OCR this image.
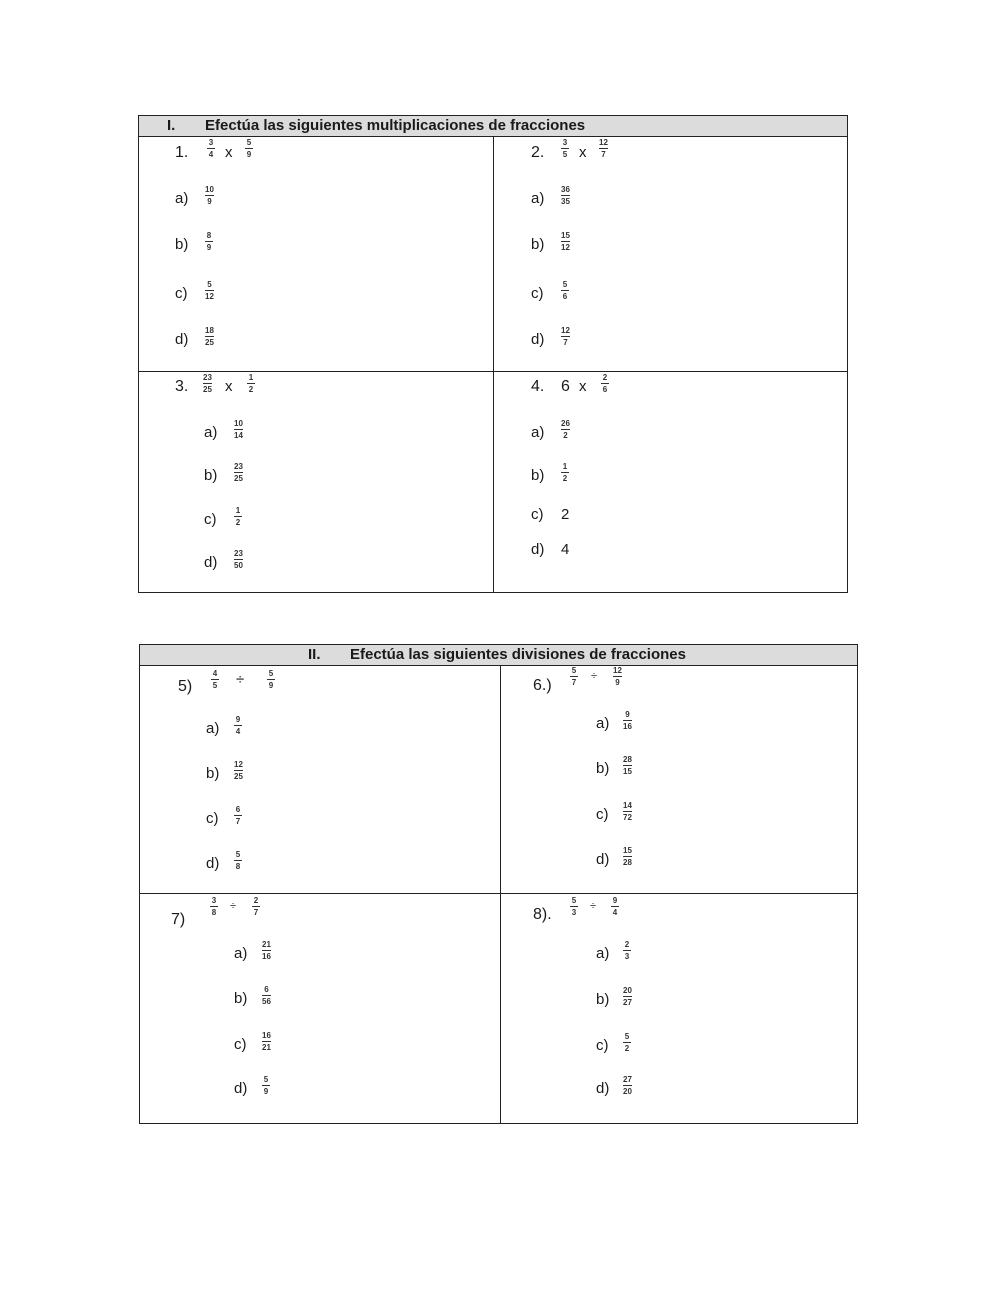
I. Efectúa las siguientes multiplicaciones de fracciones
1.
3
4 x
5
9
a)
10
9
b)
8
9
c)
5
12
d)
18
25
2.
3
5 x
12
7
a)
36
35
b)
15
12
c)
5
6
d)
12
7
3.
23
25 x
1
2
a)
10
14
b)
23
25
c)
1
2
d)
23
50
4. 6 x
2
6
a)
26
2
b)
1
2
c) 2
d) 4
II. Efectúa las siguientes divisiones de fracciones
5)
4
5 ÷	5
9
a)
9
4
b)
12
25
c)
6
7
d)
5
8
6.)
5
7
÷ 12
9
a)
9
16
b)
28
15
c)
14
72
d)
15
28
7)
3
8
÷ 2
7
a)
21
16
b)
6
56
c)
16
21
d)
5
9
8).
5
3
÷ 9
4
a)
2
3
b)
20
27
c)
5
2
d)
27
20
